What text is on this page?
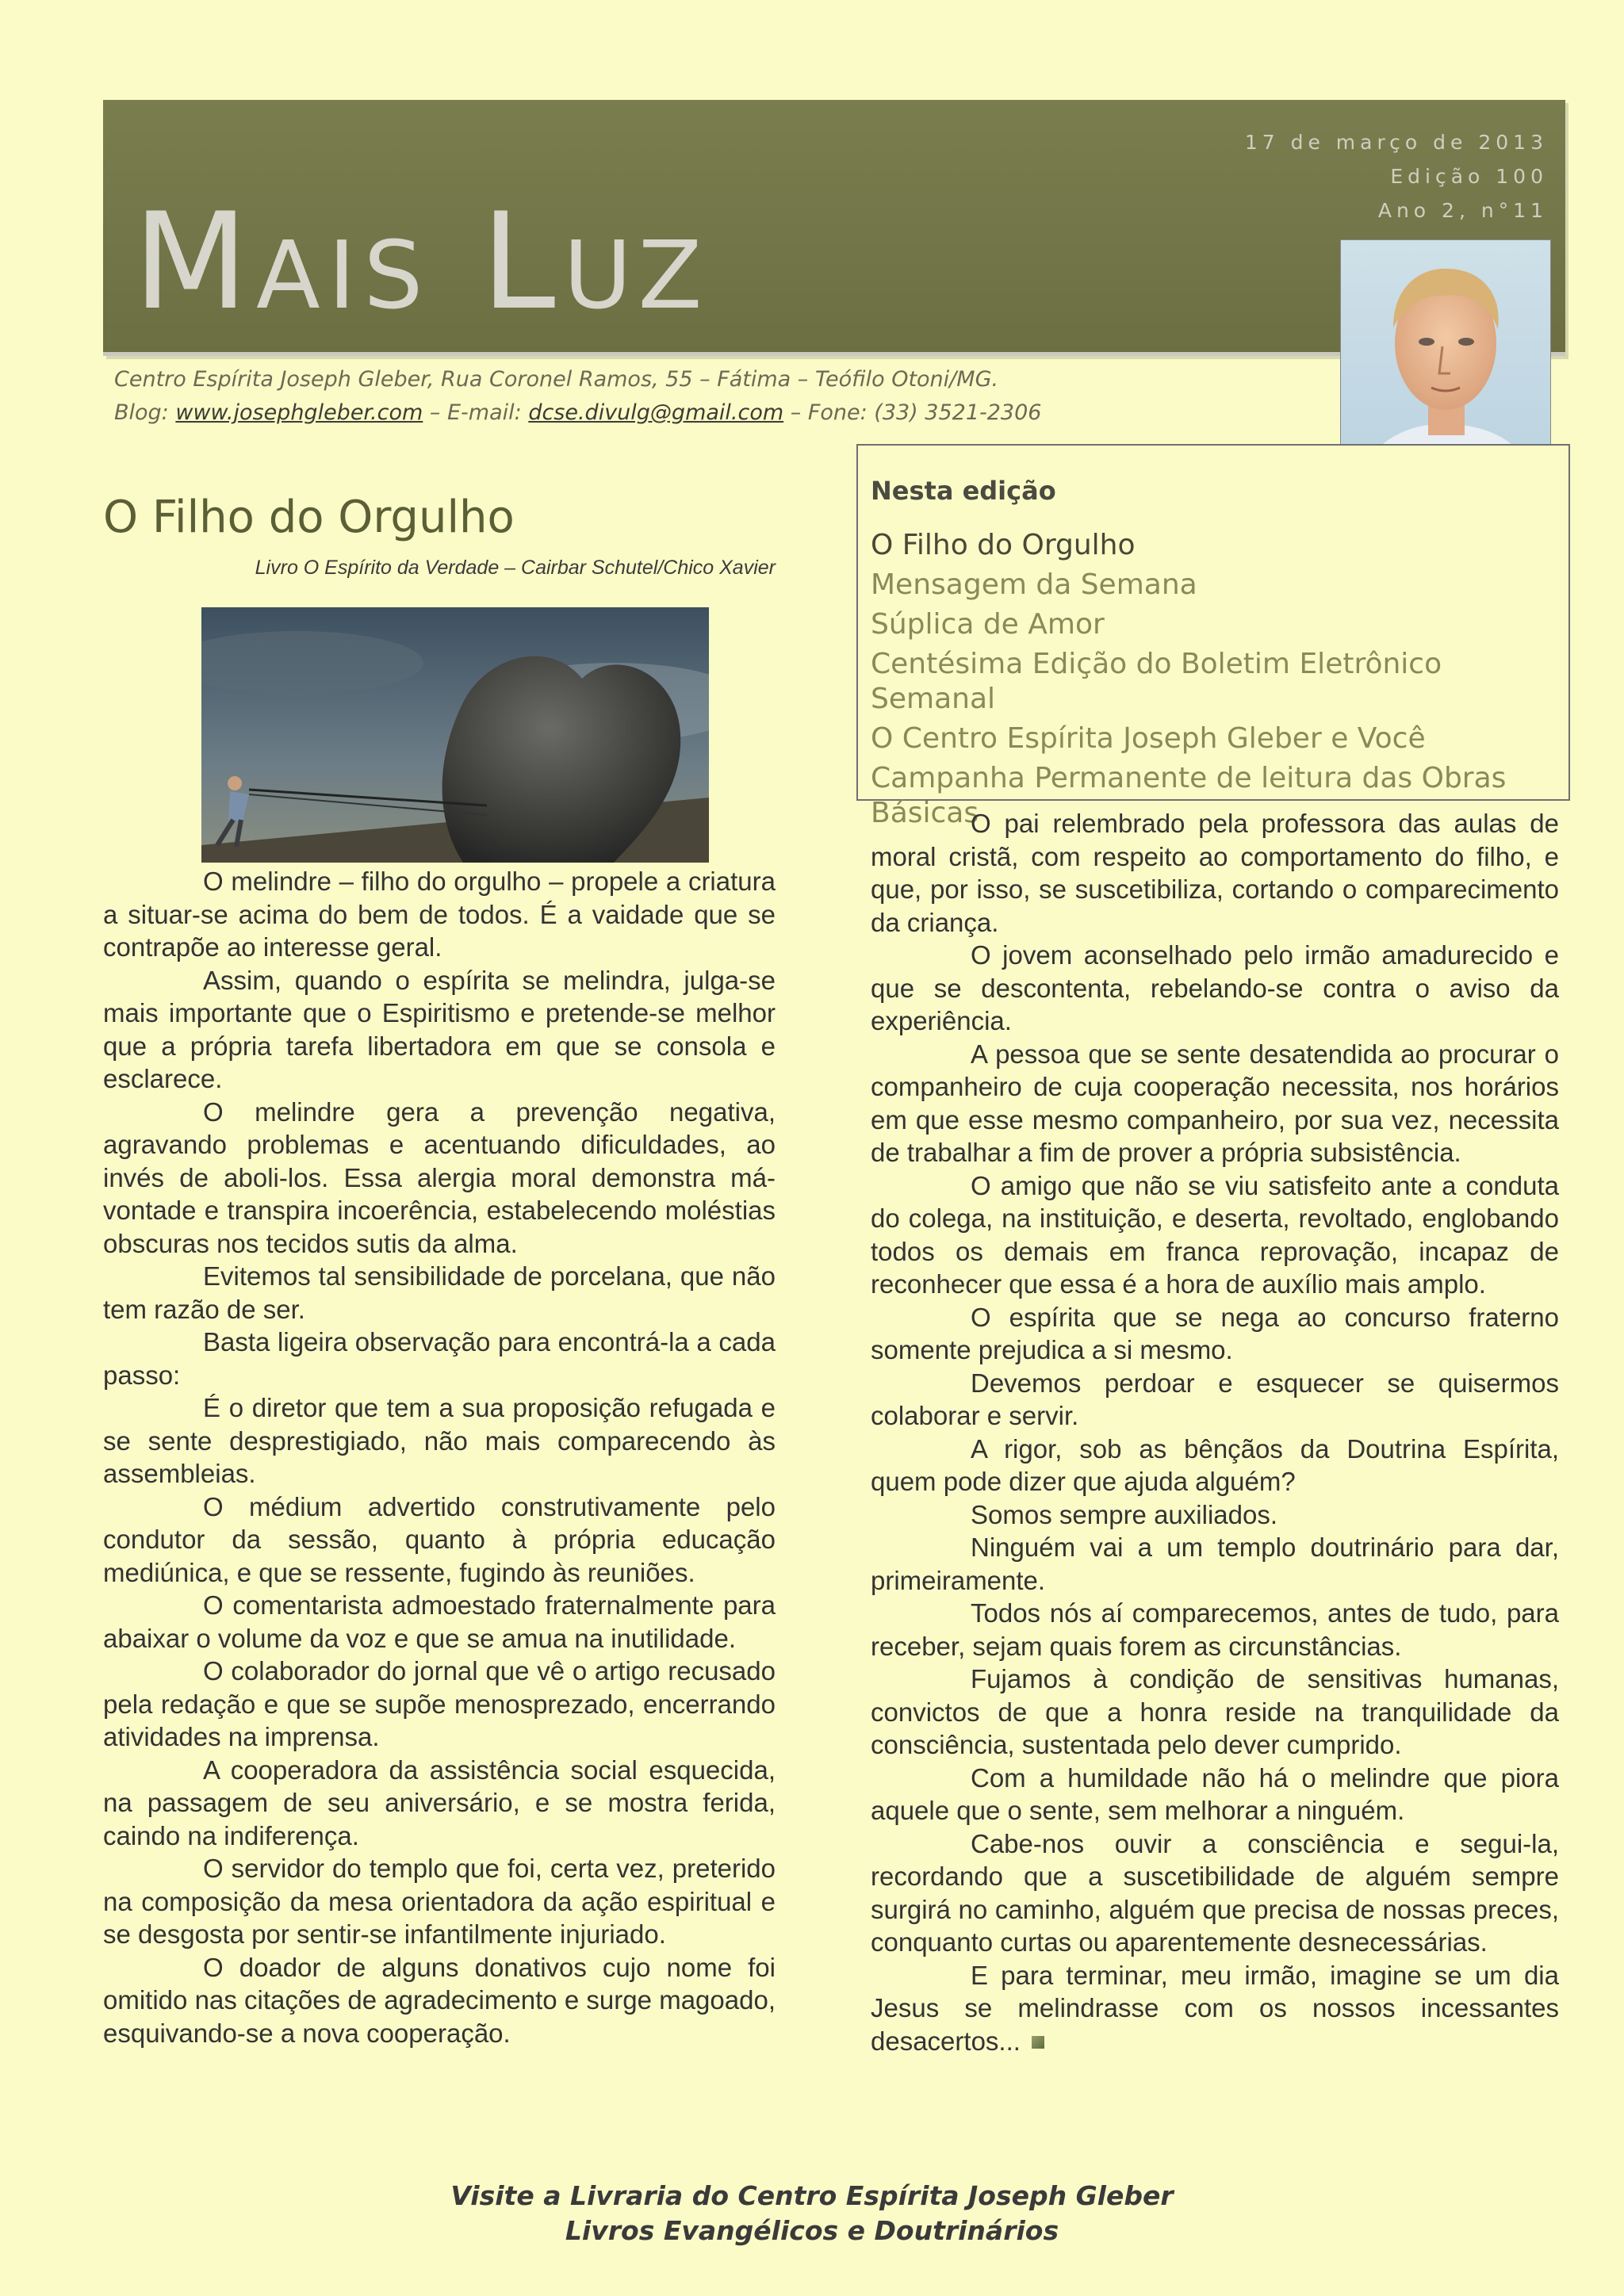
Mais Luz
17 de março de 2013
Edição 100
Ano 2, n°11
Centro Espírita Joseph Gleber, Rua Coronel Ramos, 55 – Fátima – Teófilo Otoni/MG.
Blog: www.josephgleber.com – E-mail: dcse.divulg@gmail.com – Fone: (33) 3521-2306
Nesta edição
O Filho do Orgulho
Mensagem da Semana
Súplica de Amor
Centésima Edição do Boletim Eletrônico Semanal
O Centro Espírita Joseph Gleber e Você
Campanha Permanente de leitura das Obras Básicas
O Filho do Orgulho
Livro O Espírito da Verdade – Cairbar Schutel/Chico Xavier

O melindre – filho do orgulho – propele a criatura a situar-se acima do bem de todos. É a vaidade que se contrapõe ao interesse geral.

Assim, quando o espírita se melindra, julga-se mais importante que o Espiritismo e pretende-se melhor que a própria tarefa libertadora em que se consola e esclarece.

O melindre gera a prevenção negativa, agravando problemas e acentuando dificuldades, ao invés de aboli-los. Essa alergia moral demonstra má-vontade e transpira incoerência, estabelecendo moléstias obscuras nos tecidos sutis da alma.

Evitemos tal sensibilidade de porcelana, que não tem razão de ser.

Basta ligeira observação para encontrá-la a cada passo:

É o diretor que tem a sua proposição refugada e se sente desprestigiado, não mais comparecendo às assembleias.

O médium advertido construtivamente pelo condutor da sessão, quanto à própria educação mediúnica, e que se ressente, fugindo às reuniões.

O comentarista admoestado fraternalmente para abaixar o volume da voz e que se amua na inutilidade.

O colaborador do jornal que vê o artigo recusado pela redação e que se supõe menosprezado, encerrando atividades na imprensa.

A cooperadora da assistência social esquecida, na passagem de seu aniversário, e se mostra ferida, caindo na indiferença.

O servidor do templo que foi, certa vez, preterido na composição da mesa orientadora da ação espiritual e se desgosta por sentir-se infantilmente injuriado.

O doador de alguns donativos cujo nome foi omitido nas citações de agradecimento e surge magoado, esquivando-se a nova cooperação.

O pai relembrado pela professora das aulas de moral cristã, com respeito ao comportamento do filho, e que, por isso, se suscetibiliza, cortando o comparecimento da criança.

O jovem aconselhado pelo irmão amadurecido e que se descontenta, rebelando-se contra o aviso da experiência.

A pessoa que se sente desatendida ao procurar o companheiro de cuja cooperação necessita, nos horários em que esse mesmo companheiro, por sua vez, necessita de trabalhar a fim de prover a própria subsistência.

O amigo que não se viu satisfeito ante a conduta do colega, na instituição, e deserta, revoltado, englobando todos os demais em franca reprovação, incapaz de reconhecer que essa é a hora de auxílio mais amplo.

O espírita que se nega ao concurso fraterno somente prejudica a si mesmo.

Devemos perdoar e esquecer se quisermos colaborar e servir.

A rigor, sob as bênçãos da Doutrina Espírita, quem pode dizer que ajuda alguém?

Somos sempre auxiliados.

Ninguém vai a um templo doutrinário para dar, primeiramente.

Todos nós aí comparecemos, antes de tudo, para receber, sejam quais forem as circunstâncias.

Fujamos à condição de sensitivas humanas, convictos de que a honra reside na tranquilidade da consciência, sustentada pelo dever cumprido.

Com a humildade não há o melindre que piora aquele que o sente, sem melhorar a ninguém.

Cabe-nos ouvir a consciência e segui-la, recordando que a suscetibilidade de alguém sempre surgirá no caminho, alguém que precisa de nossas preces, conquanto curtas ou aparentemente desnecessárias.

E para terminar, meu irmão, imagine se um dia Jesus se melindrasse com os nossos incessantes desacertos...

Visite a Livraria do Centro Espírita Joseph Gleber
Livros Evangélicos e Doutrinários
